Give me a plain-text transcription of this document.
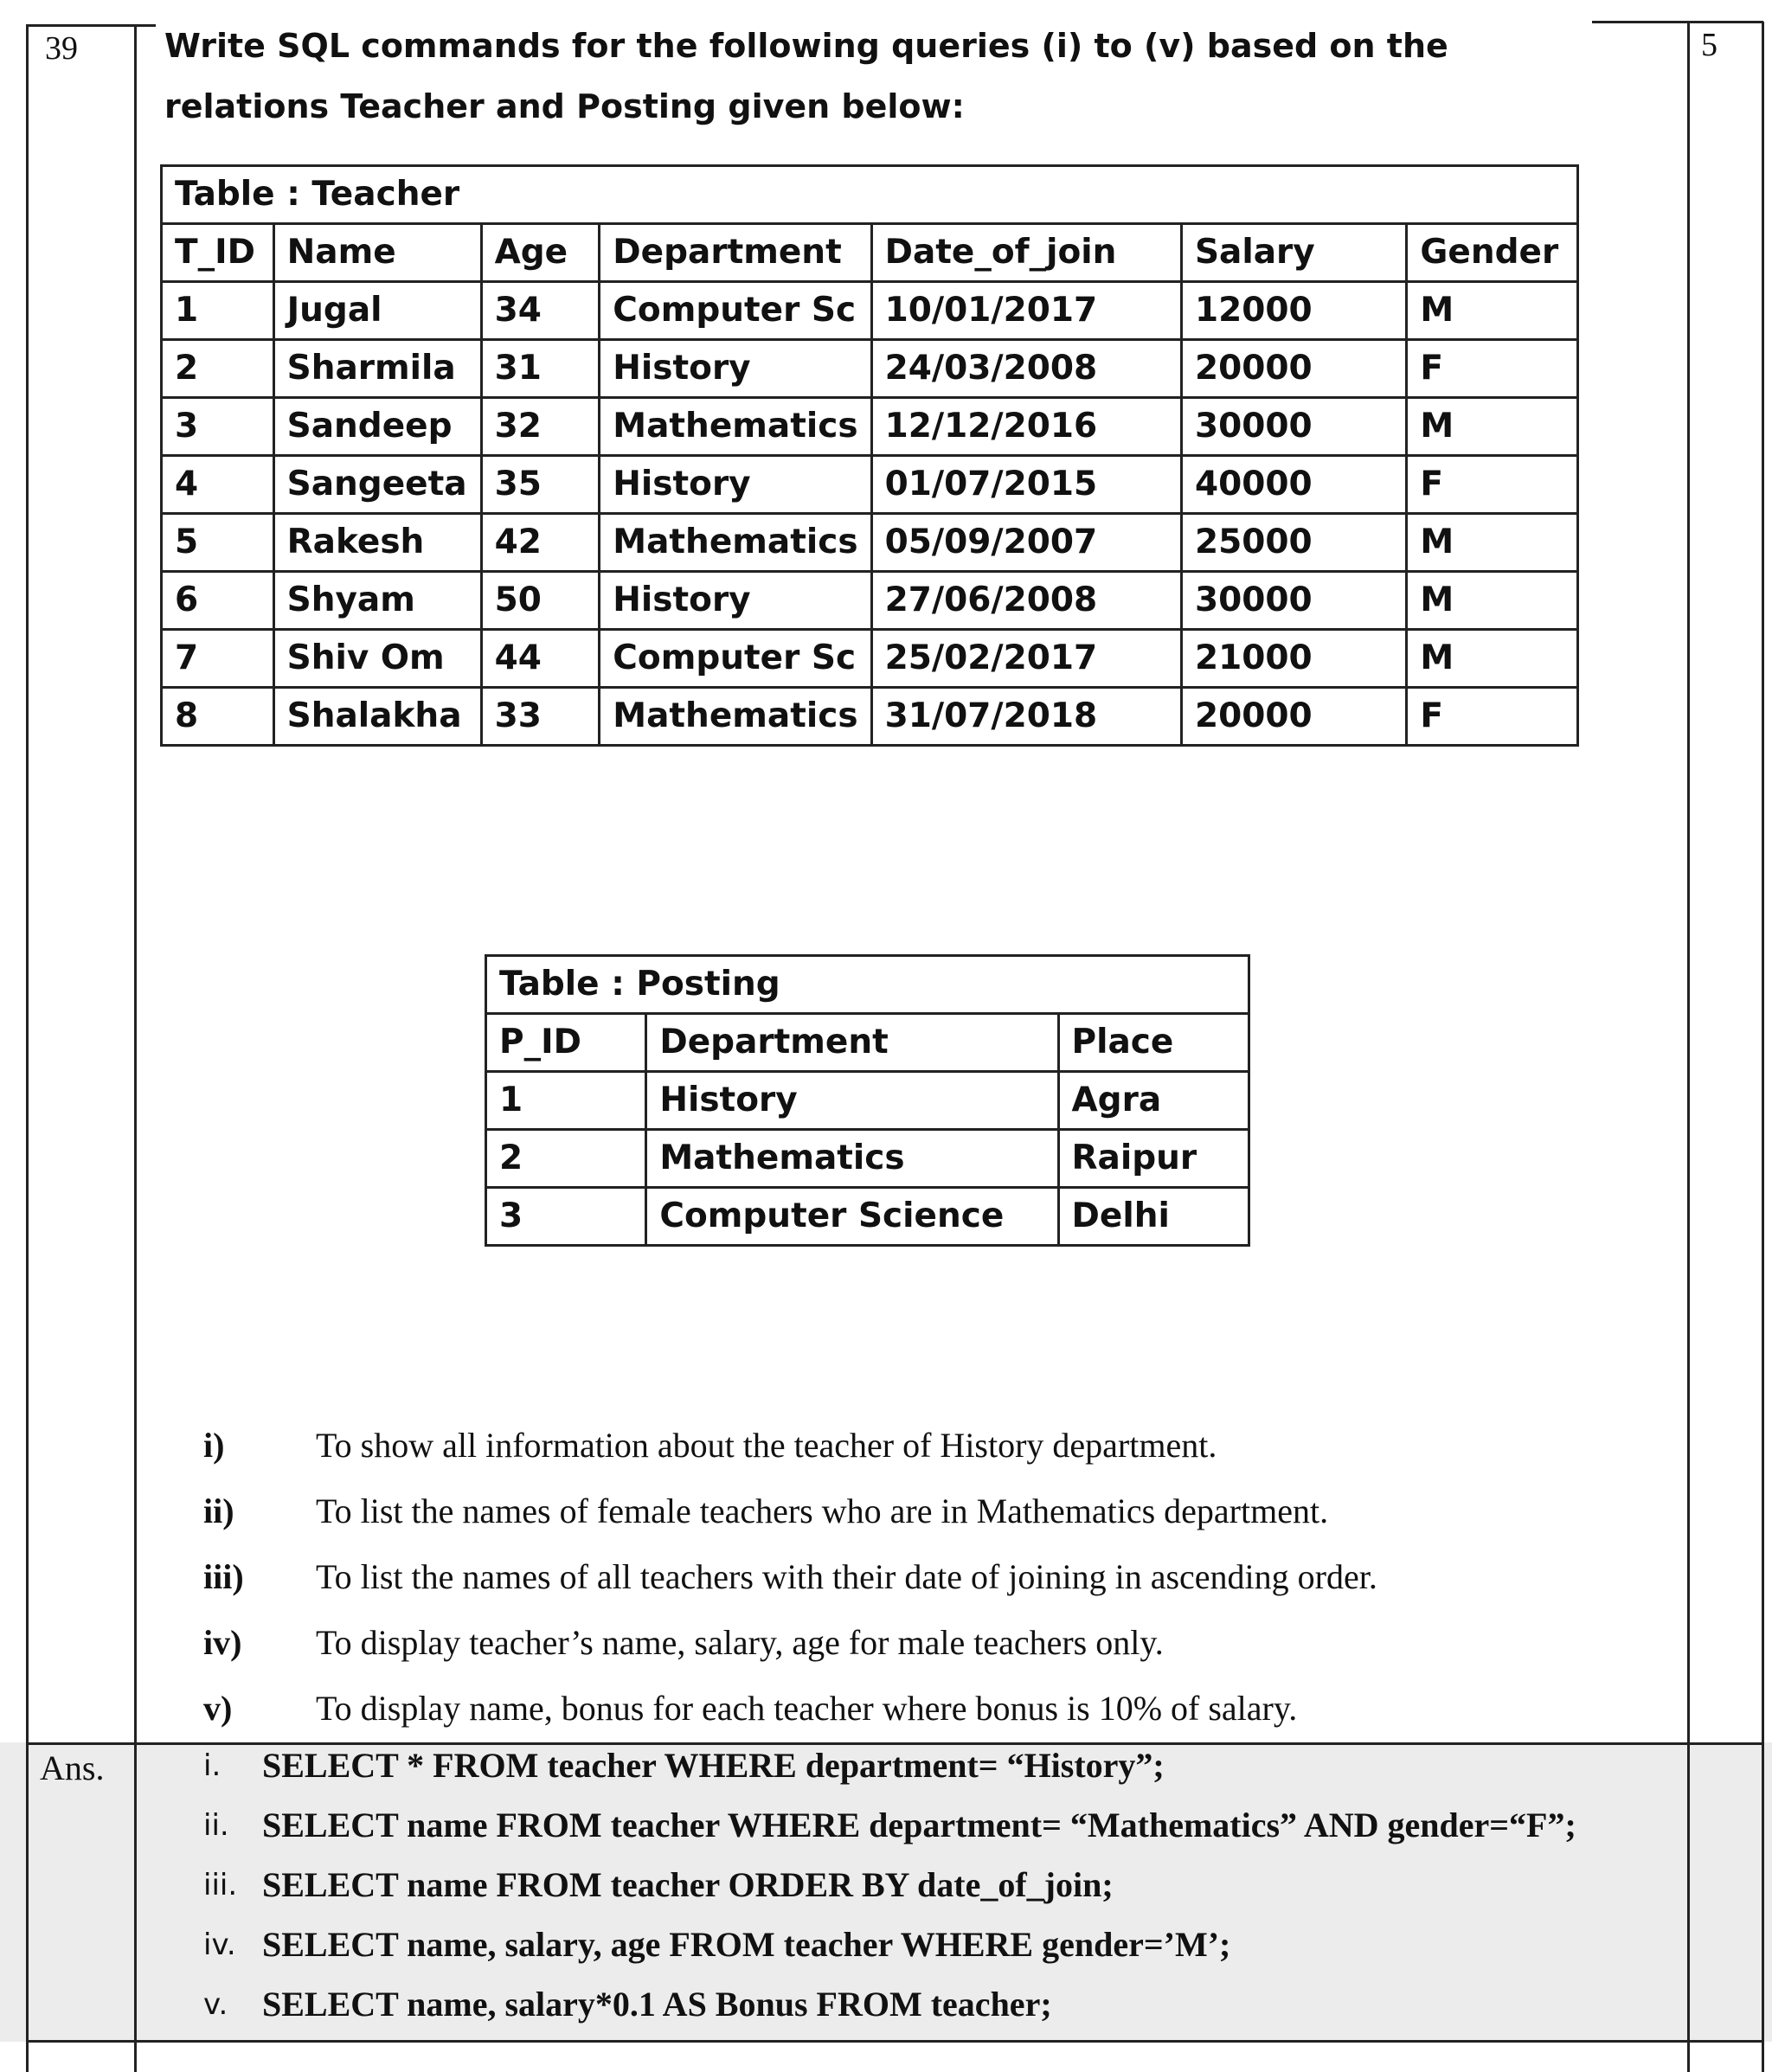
39	5

Write SQL commands for the following queries (i) to (v) based on the relations Teacher and Posting given below:

Table : Teacher						
T_ID	Name	Age	Department	Date_of_join	Salary	Gender
1	Jugal	34	Computer Sc	10/01/2017	12000	M
2	Sharmila	31	History	24/03/2008	20000	F
3	Sandeep	32	Mathematics	12/12/2016	30000	M
4	Sangeeta	35	History	01/07/2015	40000	F
5	Rakesh	42	Mathematics	05/09/2007	25000	M
6	Shyam	50	History	27/06/2008	30000	M
7	Shiv Om	44	Computer Sc	25/02/2017	21000	M
8	Shalakha	33	Mathematics	31/07/2018	20000	F
Table : Posting		
P_ID	Department	Place
1	History	Agra
2	Mathematics	Raipur
3	Computer Science	Delhi
i)	To show all information about the teacher of History department.
ii)	To list the names of female teachers who are in Mathematics department.
iii)	To list the names of all teachers with their date of joining in ascending order.
iv)	To display teacher’s name, salary, age for male teachers only.
v)	To display name, bonus for each teacher where bonus is 10% of salary.
Ans.	i.	SELECT * FROM teacher WHERE department= “History”;
ii. SELECT name FROM teacher WHERE department= “Mathematics” AND gender=“F”;
iii. SELECT name FROM teacher ORDER BY date_of_join;
iv. SELECT name, salary, age FROM teacher WHERE gender=’M’;
v. SELECT name, salary*0.1 AS Bonus FROM teacher;
